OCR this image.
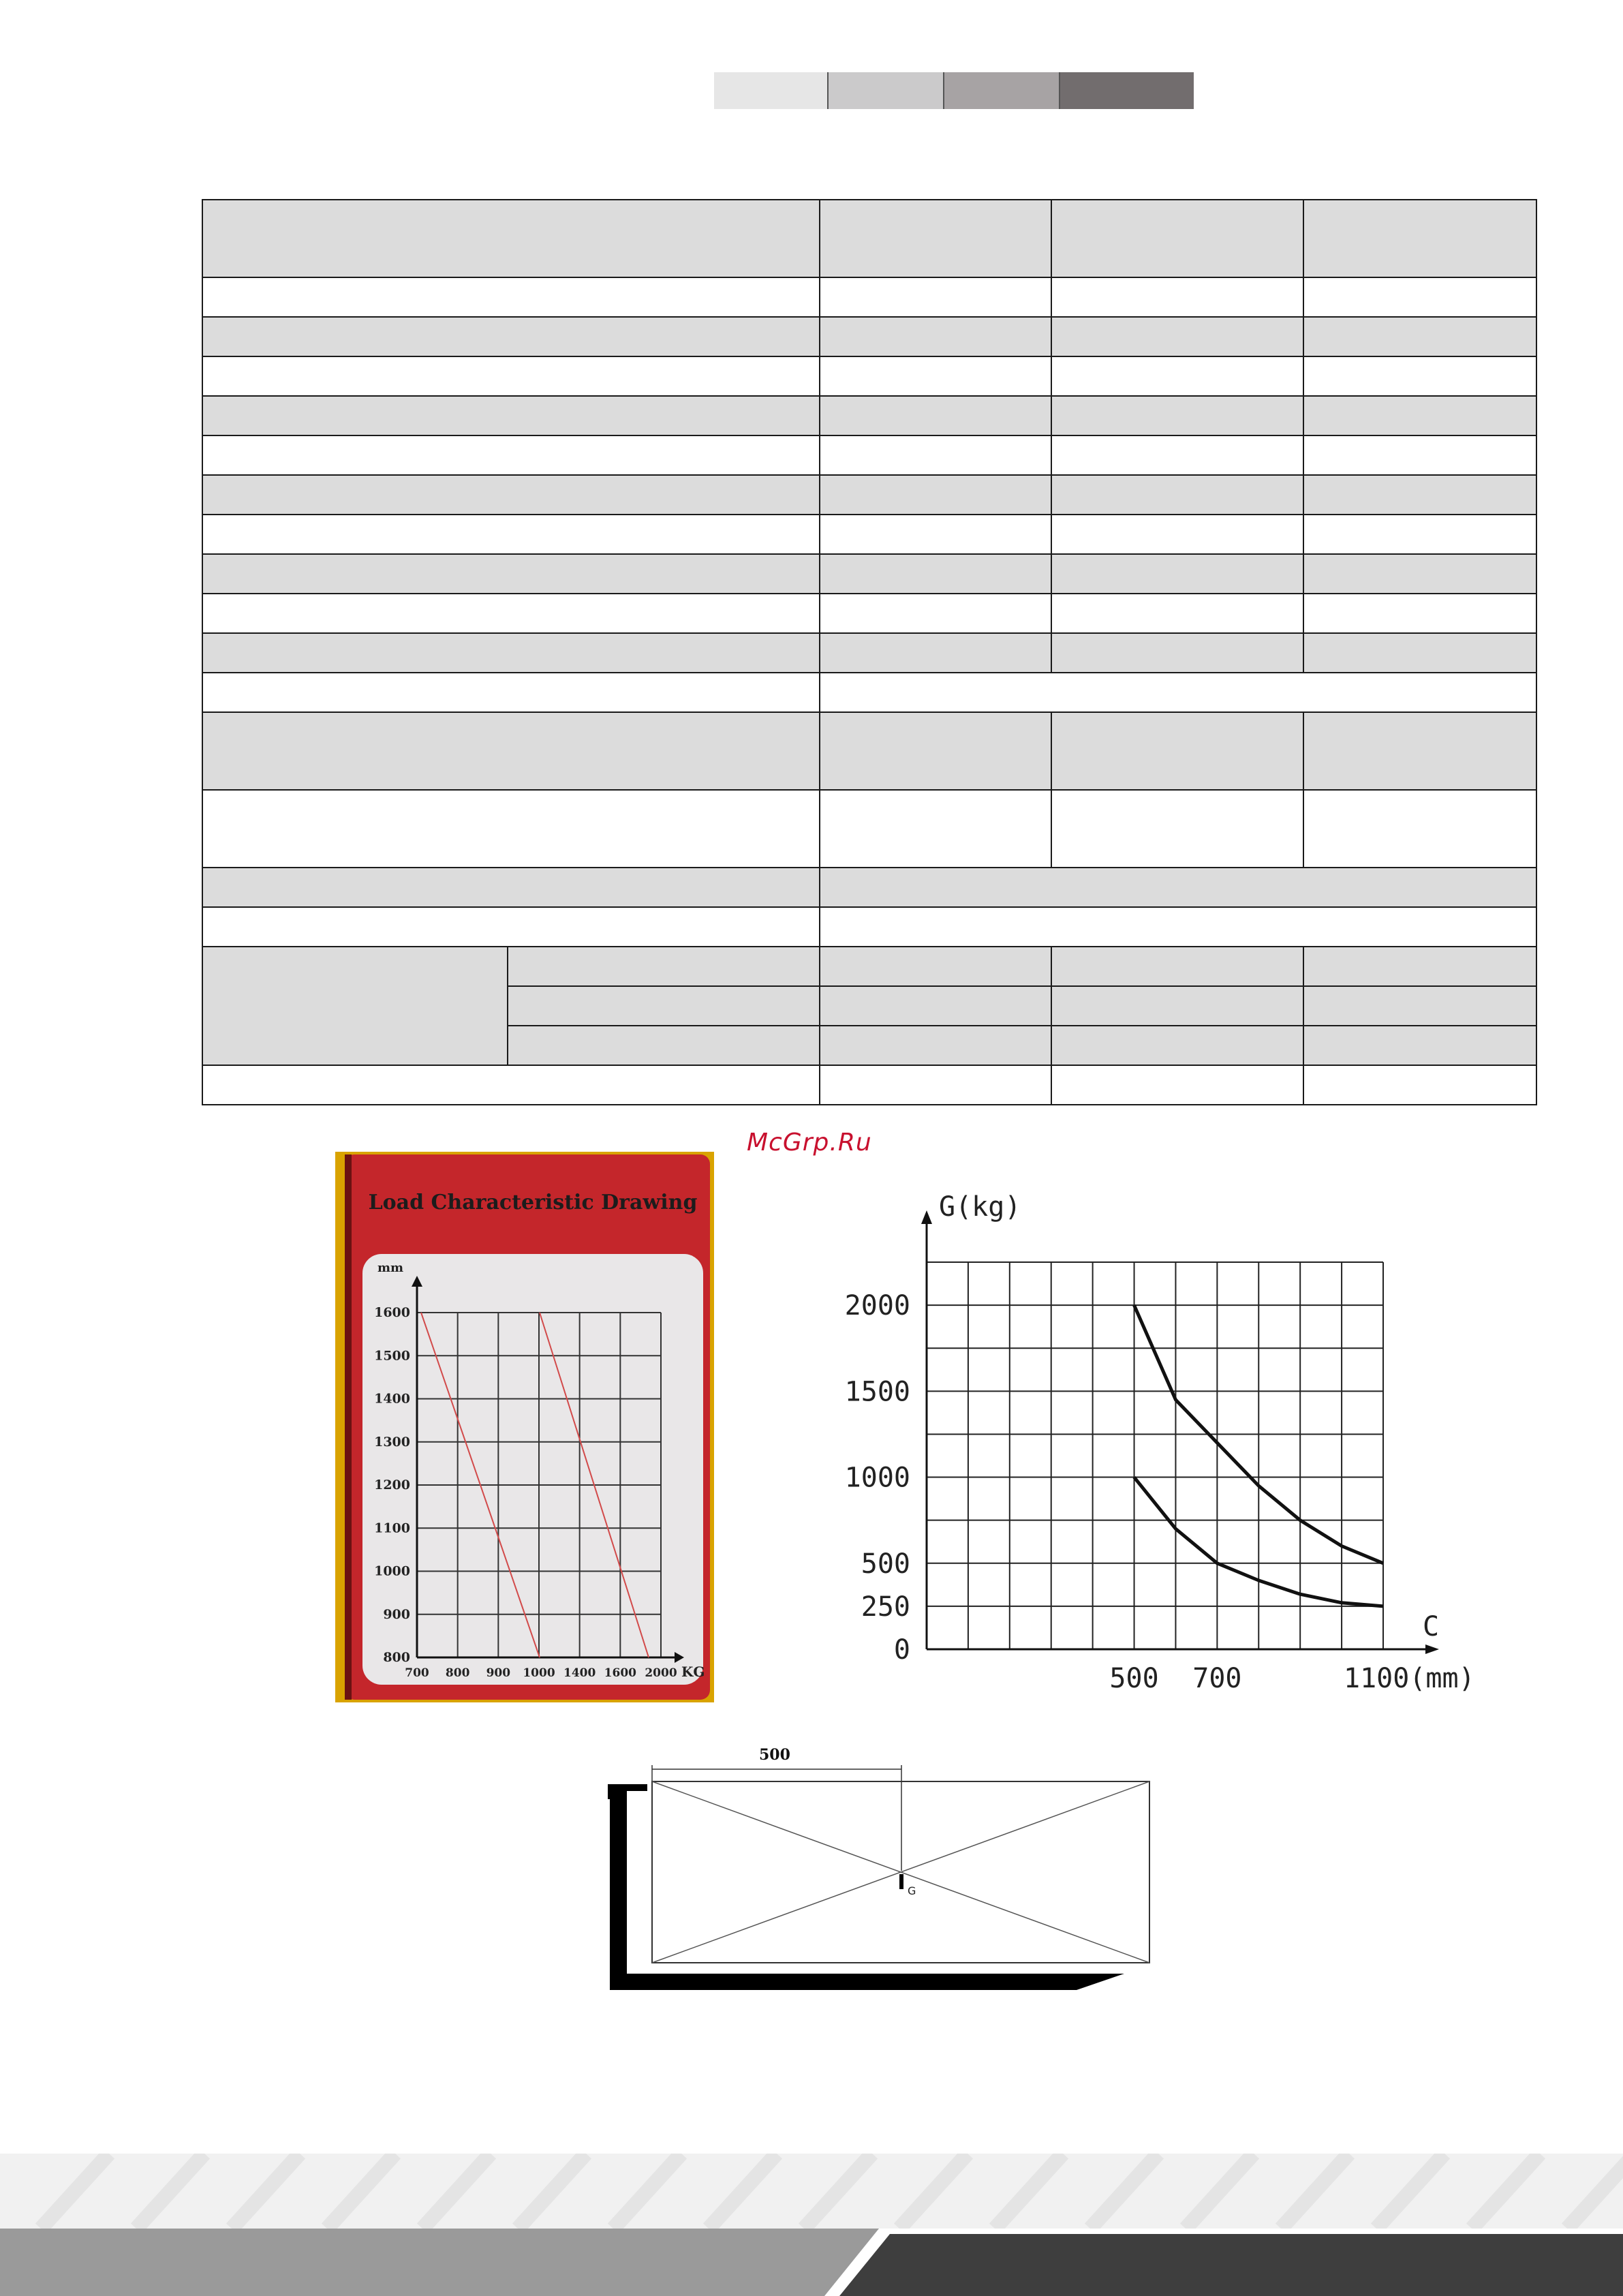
McGrp.Ru
Load Characteristic Drawing
1600
1500
1400
1300
1200
1100
1000
900
800
700 800 900 1000 1400 1600 2000
mm
KG
G(kg)
C
1100(mm)
2000
1500
1000
500
250
0
500 700
500
G
